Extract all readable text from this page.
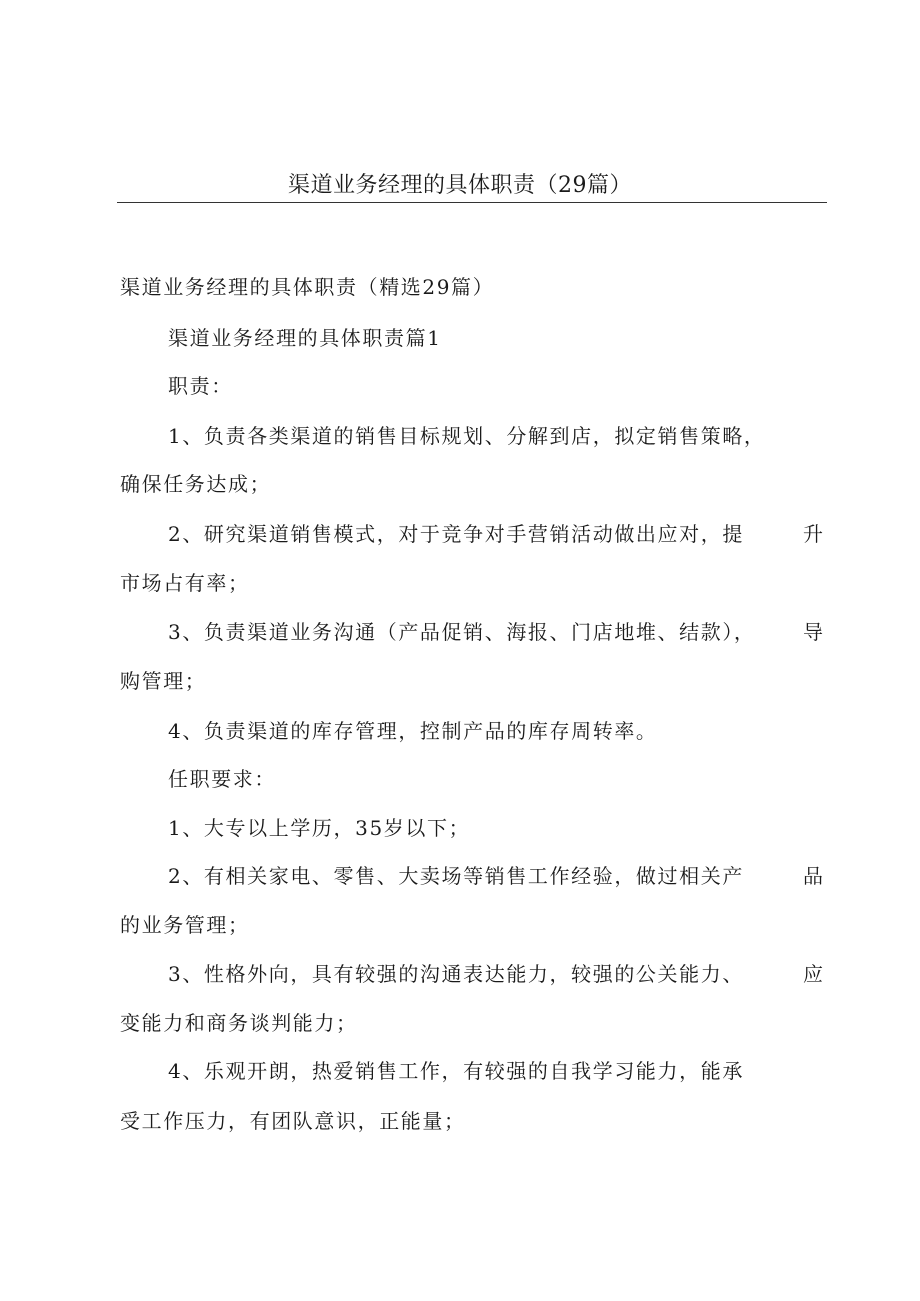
渠道业务经理的具体职责（29篇）
渠道业务经理的具体职责（精选29篇）
渠道业务经理的具体职责篇1
职责：
1、负责各类渠道的销售目标规划、分解到店，拟定销售策略，
确保任务达成；
2、研究渠道销售模式，对于竞争对手营销活动做出应对，提	升
市场占有率；
3、负责渠道业务沟通（产品促销、海报、门店地堆、结款）， 导
购管理；
4、负责渠道的库存管理，控制产品的库存周转率。
任职要求：
1、大专以上学历，35岁以下；
2、有相关家电、零售、大卖场等销售工作经验，做过相关产	品
的业务管理；
3、性格外向，具有较强的沟通表达能力，较强的公关能力、	应
变能力和商务谈判能力；
4、乐观开朗，热爱销售工作，有较强的自我学习能力，能承
受工作压力，有团队意识，正能量；
